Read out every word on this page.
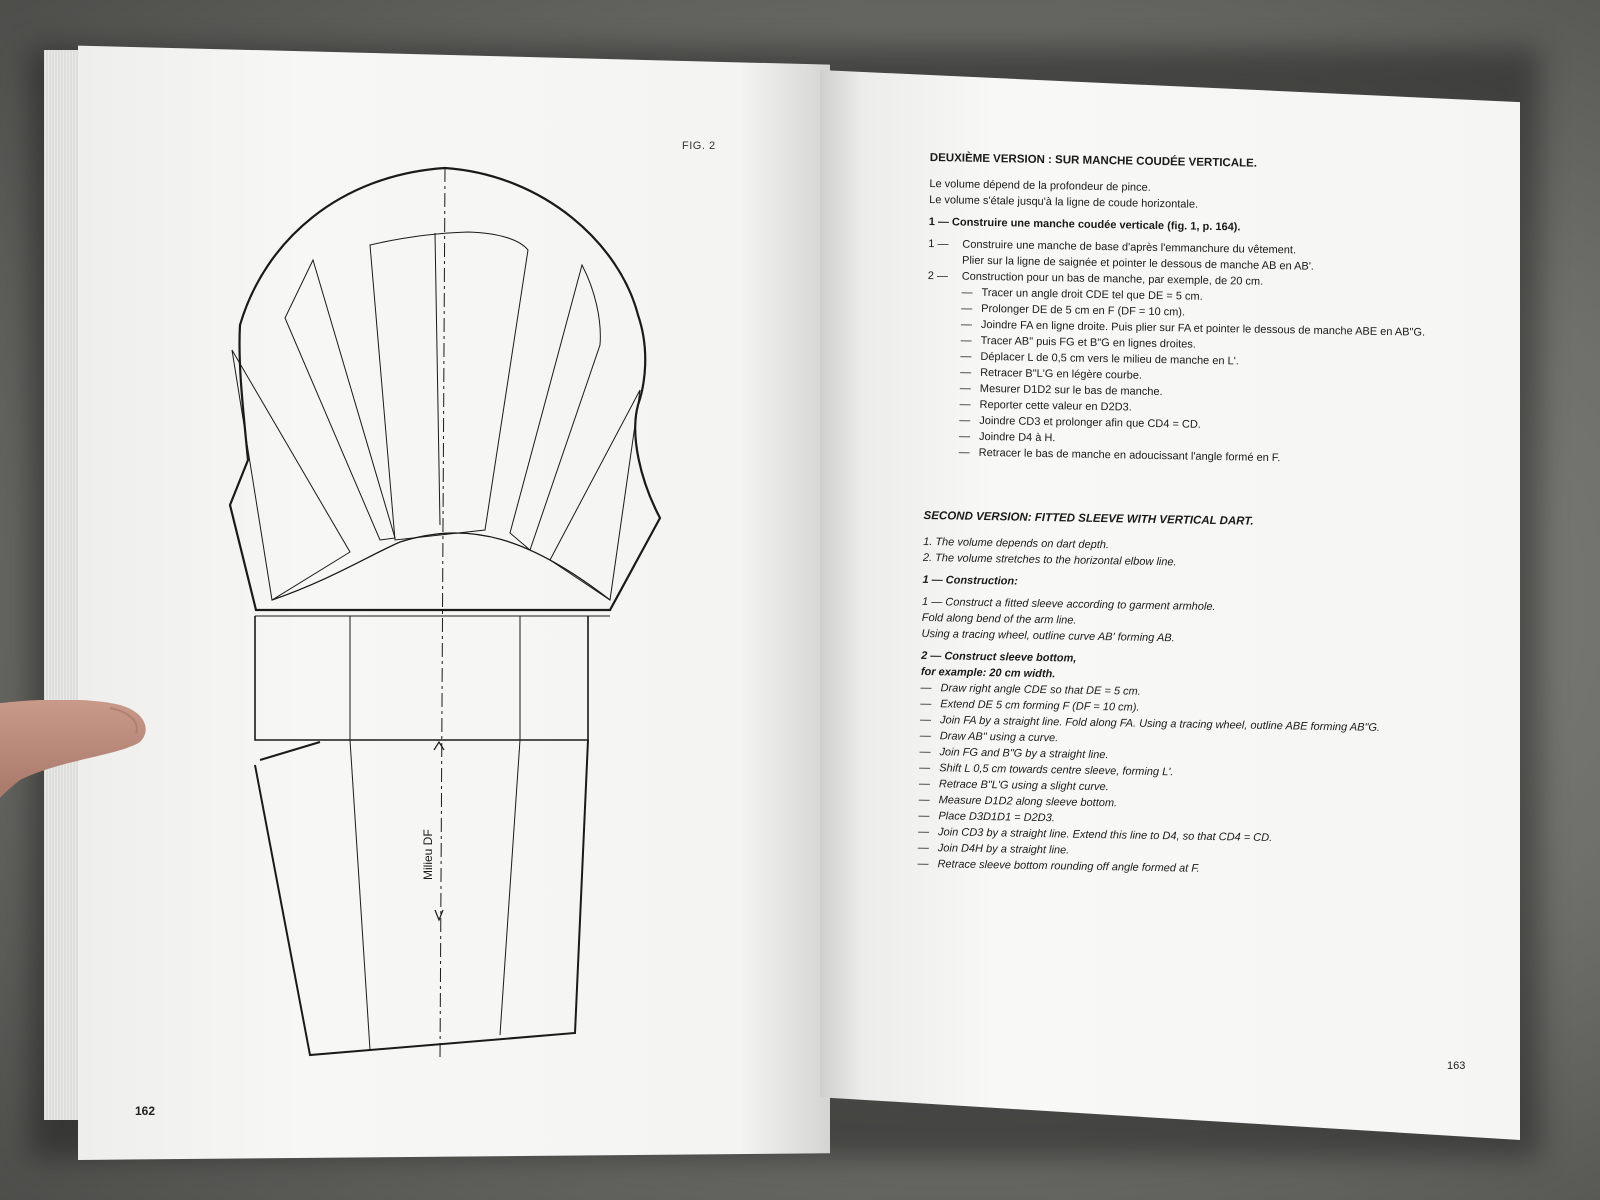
FIG. 2
Milieu DF
162
163

DEUXIÈME VERSION : SUR MANCHE COUDÉE VERTICALE.

Le volume dépend de la profondeur de pince.

Le volume s'étale jusqu'à la ligne de coude horizontale.

1 — Construire une manche coudée verticale (fig. 1, p. 164).

1 —	Construire une manche de base d'après l'emmanchure du vêtement.
Plier sur la ligne de saignée et pointer le dessous de manche AB en AB'.
2 —	Construction pour un bas de manche, par exemple, de 20 cm.
— Tracer un angle droit CDE tel que DE = 5 cm.
— Prolonger DE de 5 cm en F (DF = 10 cm).
— Joindre FA en ligne droite. Puis plier sur FA et pointer le dessous de manche ABE en AB"G.
— Tracer AB" puis FG et B"G en lignes droites.
— Déplacer L de 0,5 cm vers le milieu de manche en L'.
— Retracer B"L'G en légère courbe.
— Mesurer D1D2 sur le bas de manche.
— Reporter cette valeur en D2D3.
— Joindre CD3 et prolonger afin que CD4 = CD.
— Joindre D4 à H.
— Retracer le bas de manche en adoucissant l'angle formé en F.

SECOND VERSION: FITTED SLEEVE WITH VERTICAL DART.

1. The volume depends on dart depth.

2. The volume stretches to the horizontal elbow line.

1 — Construction:

1 — Construct a fitted sleeve according to garment armhole.

Fold along bend of the arm line.

Using a tracing wheel, outline curve AB' forming AB.

2 — Construct sleeve bottom,

for example: 20 cm width.

— Draw right angle CDE so that DE = 5 cm.
— Extend DE 5 cm forming F (DF = 10 cm).
— Join FA by a straight line. Fold along FA. Using a tracing wheel, outline ABE forming AB"G.
— Draw AB" using a curve.
— Join FG and B"G by a straight line.
— Shift L 0,5 cm towards centre sleeve, forming L'.
— Retrace B"L'G using a slight curve.
— Measure D1D2 along sleeve bottom.
— Place D3D1D1 = D2D3.
— Join CD3 by a straight line. Extend this line to D4, so that CD4 = CD.
— Join D4H by a straight line.
— Retrace sleeve bottom rounding off angle formed at F.
